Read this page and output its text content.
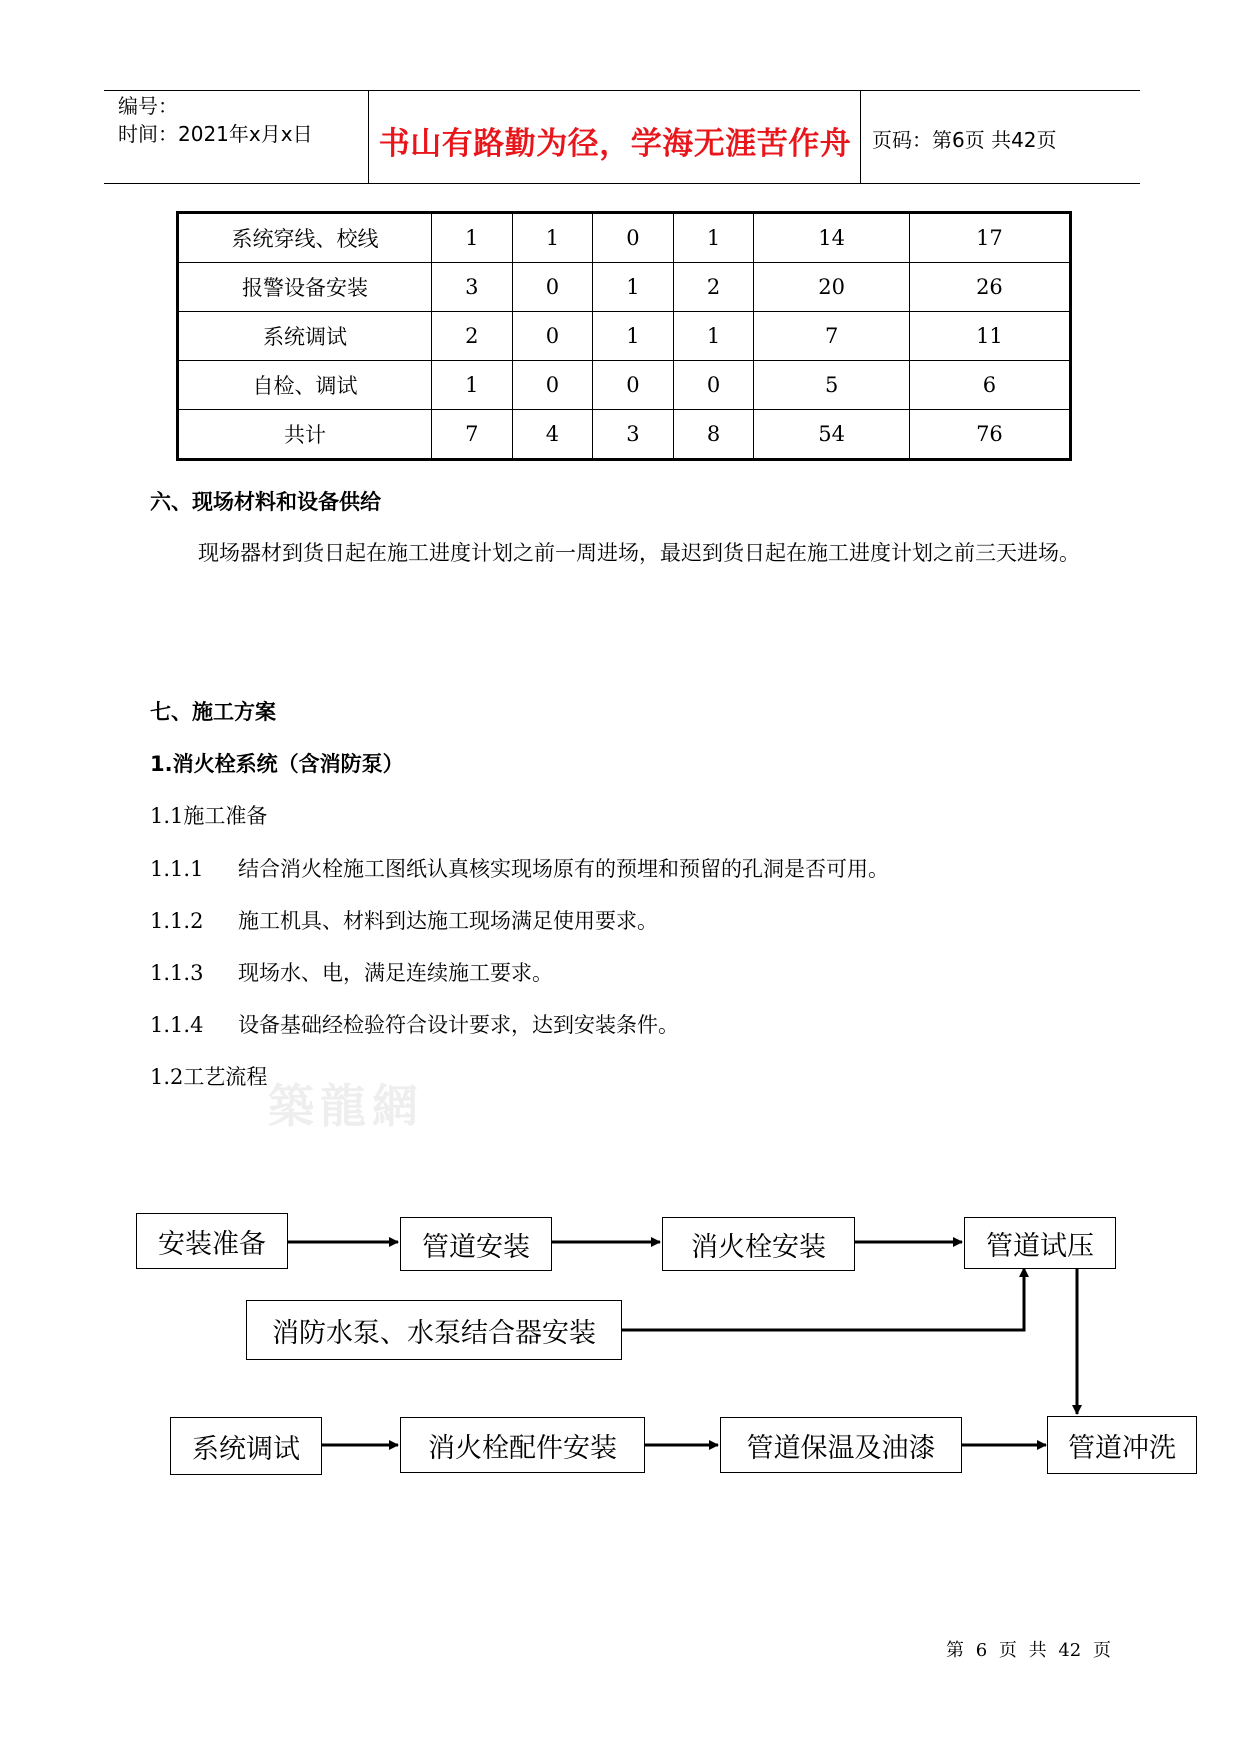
编号：
时间：2021年x月x日 书山有路勤为径，学海无涯苦作舟	页码：第6页 共42页
系统穿线、校线	1	1	0	1	14	17
报警设备安装	3	0	1	2	20	26
系统调试	2	0	1	1	7	11
自检、调试	1	0	0	0	5	6
共计	7	4	3	8	54	76
六、现场材料和设备供给
现场器材到货日起在施工进度计划之前一周进场，最迟到货日起在施工进度计划之前三天进场。
七、施工方案
1.消火栓系统（含消防泵）
1.1施工准备
1.1.1 结合消火栓施工图纸认真核实现场原有的预埋和预留的孔洞是否可用。
1.1.2 施工机具、材料到达施工现场满足使用要求。
1.1.3 现场水、电，满足连续施工要求。
1.1.4 设备基础经检验符合设计要求，达到安装条件。
1.2工艺流程
築龍網
安装准备	管道安装	消火栓安装	管道试压
消防水泵、水泵结合器安装
系统调试	消火栓配件安装	管道保温及油漆	管道冲洗
第 6 页 共 42 页
